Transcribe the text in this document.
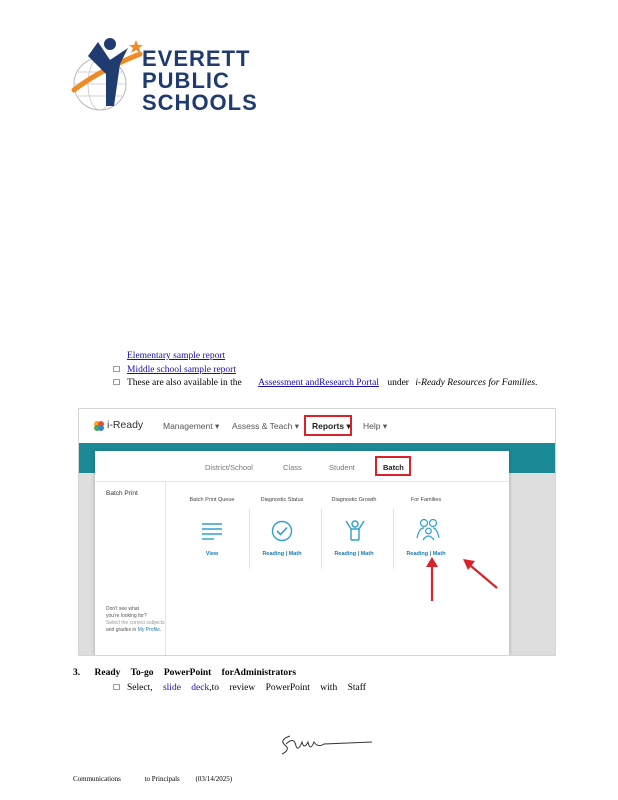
EVERETT
PUBLIC
SCHOOLS
Elementary sample report
☐ Middle school sample report
☐ These are also available in the Assessment andResearch Portal under i-Ready Resources for Families.
i-Ready Management ▾ Assess & Teach ▾ Reports ▾ Help ▾
District/School	Class	Student	Batch
Batch Print
Don't see what
you're looking for?
Select the correct subjects
and grades in My Profile.
Batch Print Queue	Diagnostic Status	Diagnostic Growth	For Families
View	Reading | Math	Reading | Math	Reading | Math
3. Ready To-go PowerPoint forAdministrators
☐ Select, slide deck,to review PowerPoint with Staff
Communications	to Principals (03/14/2025)
